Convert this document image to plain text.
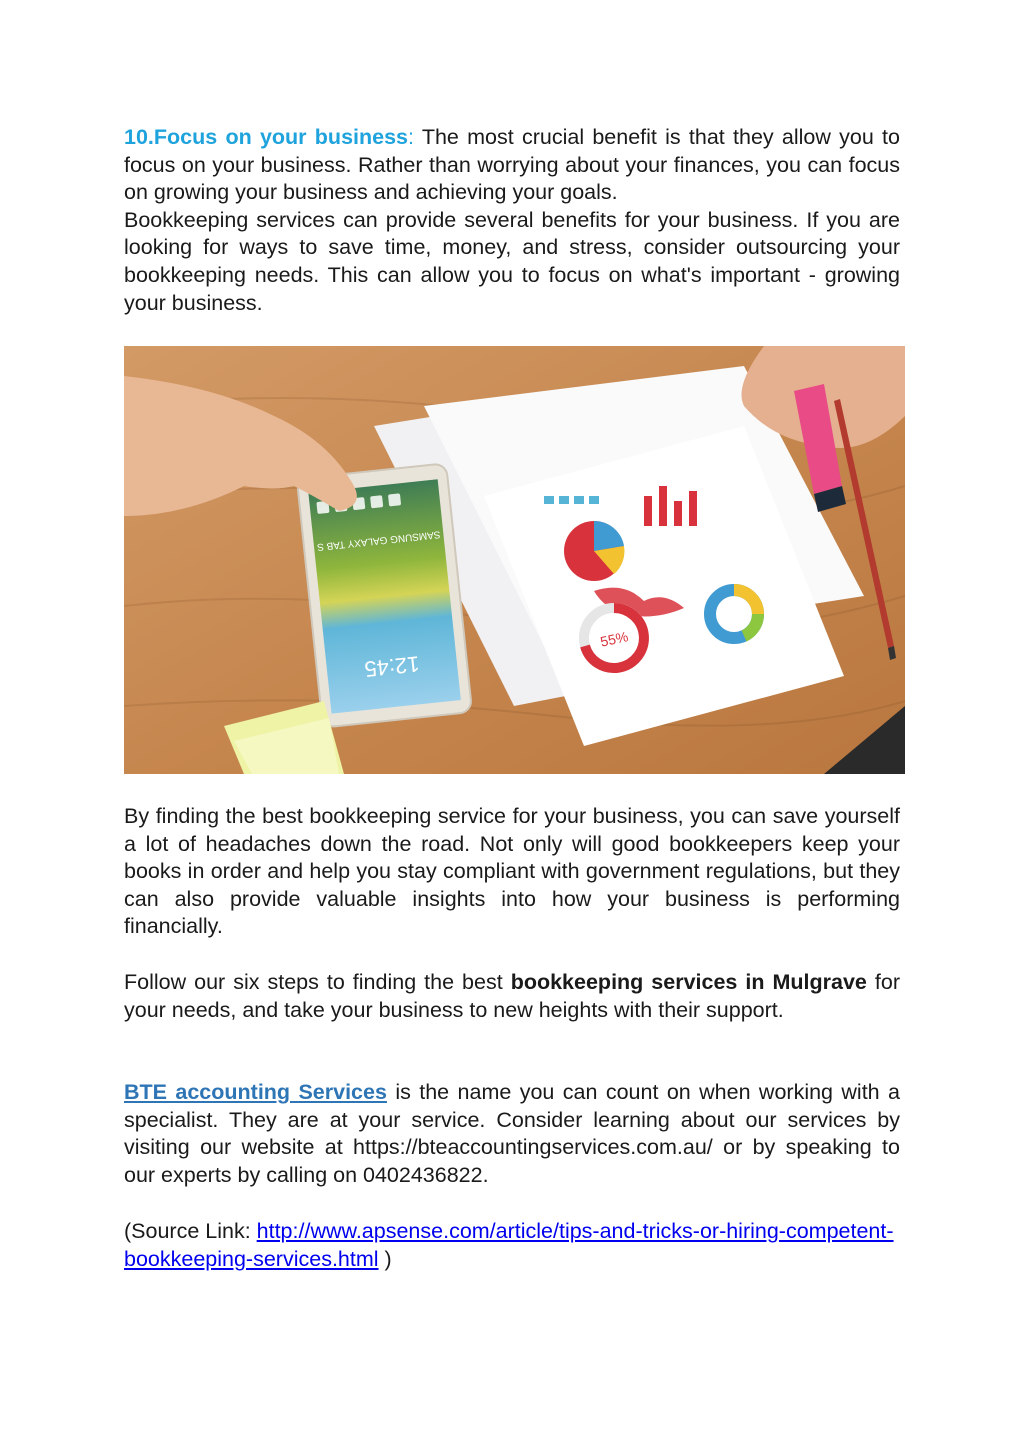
10.Focus on your business: The most crucial benefit is that they allow you to focus on your business. Rather than worrying about your finances, you can focus on growing your business and achieving your goals.
Bookkeeping services can provide several benefits for your business. If you are looking for ways to save time, money, and stress, consider outsourcing your bookkeeping needs. This can allow you to focus on what's important - growing your business.
55%
SAMSUNG GALAXY TAB S
12:45
By finding the best bookkeeping service for your business, you can save yourself a lot of headaches down the road. Not only will good bookkeepers keep your books in order and help you stay compliant with government regulations, but they can also provide valuable insights into how your business is performing financially.
Follow our six steps to finding the best bookkeeping services in Mulgrave for your needs, and take your business to new heights with their support.
BTE accounting Services is the name you can count on when working with a specialist. They are at your service. Consider learning about our services by visiting our website at https://bteaccountingservices.com.au/ or by speaking to our experts by calling on 0402436822.
(Source Link: http://www.apsense.com/article/tips-and-tricks-or-hiring-competent-bookkeeping-services.html )
